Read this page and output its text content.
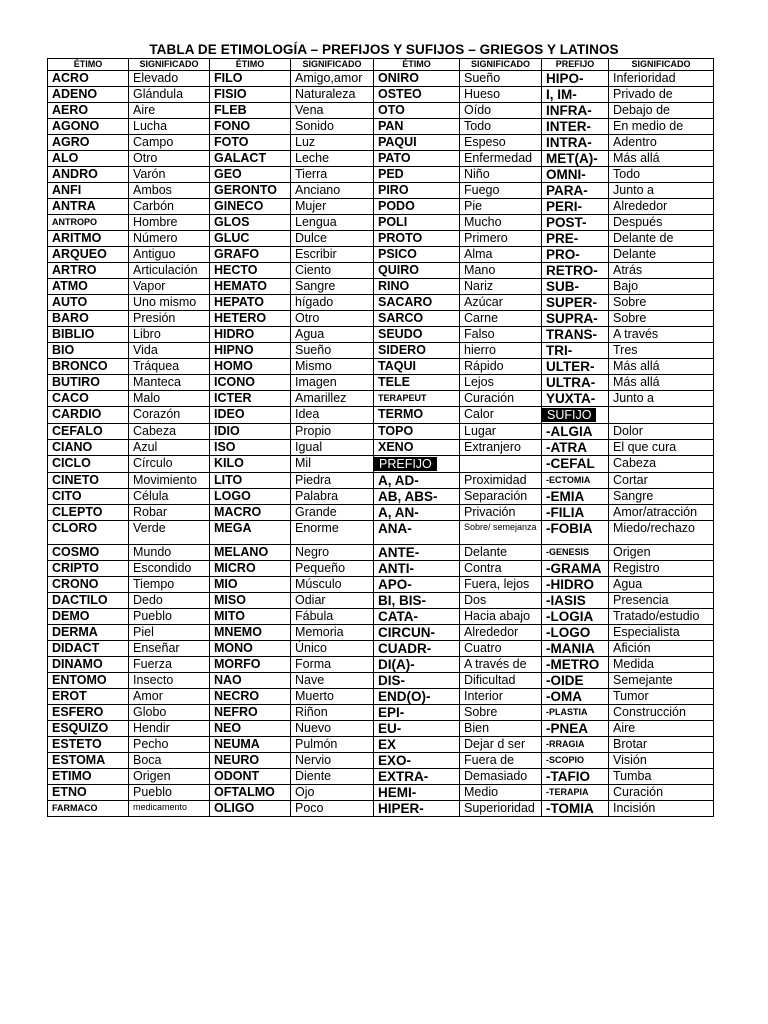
TABLA DE ETIMOLOGÍA – PREFIJOS Y SUFIJOS – GRIEGOS Y LATINOS
ÉTIMO	SIGNIFICADO	ÉTIMO	SIGNIFICADO	ÉTIMO	SIGNIFICADO	PREFIJO	SIGNIFICADO
ACRO	Elevado	FILO	Amigo,amor	ONIRO	Sueño	HIPO-	Inferioridad
ADENO	Glándula	FISIO	Naturaleza	OSTEO	Hueso	I, IM-	Privado de
AERO	Aire	FLEB	Vena	OTO	Oído	INFRA-	Debajo de
AGONO	Lucha	FONO	Sonido	PAN	Todo	INTER-	En medio de
AGRO	Campo	FOTO	Luz	PAQUI	Espeso	INTRA-	Adentro
ALO	Otro	GALACT	Leche	PATO	Enfermedad	MET(A)-	Más allá
ANDRO	Varón	GEO	Tierra	PED	Niño	OMNI-	Todo
ANFI	Ambos	GERONTO	Anciano	PIRO	Fuego	PARA-	Junto a
ANTRA	Carbón	GINECO	Mujer	PODO	Pie	PERI-	Alrededor
ANTROPO	Hombre	GLOS	Lengua	POLI	Mucho	POST-	Después
ARITMO	Número	GLUC	Dulce	PROTO	Primero	PRE-	Delante de
ARQUEO	Antiguo	GRAFO	Escribir	PSICO	Alma	PRO-	Delante
ARTRO	Articulación	HECTO	Ciento	QUIRO	Mano	RETRO-	Atrás
ATMO	Vapor	HEMATO	Sangre	RINO	Nariz	SUB-	Bajo
AUTO	Uno mismo	HEPATO	hígado	SACARO	Azúcar	SUPER-	Sobre
BARO	Presión	HETERO	Otro	SARCO	Carne	SUPRA-	Sobre
BIBLIO	Libro	HIDRO	Agua	SEUDO	Falso	TRANS-	A través
BIO	Vida	HIPNO	Sueño	SIDERO	hierro	TRI-	Tres
BRONCO	Tráquea	HOMO	Mismo	TAQUI	Rápido	ULTER-	Más allá
BUTIRO	Manteca	ICONO	Imagen	TELE	Lejos	ULTRA-	Más allá
CACO	Malo	ICTER	Amarillez	TERAPEUT	Curación	YUXTA-	Junto a
CARDIO	Corazón	IDEO	Idea	TERMO	Calor	SUFIJO	
CEFALO	Cabeza	IDIO	Propio	TOPO	Lugar	-ALGIA	Dolor
CIANO	Azul	ISO	Igual	XENO	Extranjero	-ATRA	El que cura
CICLO	Círculo	KILO	Mil	PREFIJO		-CEFAL	Cabeza
CINETO	Movimiento	LITO	Piedra	A, AD-	Proximidad	-ECTOMIA	Cortar
CITO	Célula	LOGO	Palabra	AB, ABS-	Separación	-EMIA	Sangre
CLEPTO	Robar	MACRO	Grande	A, AN-	Privación	-FILIA	Amor/atracción
CLORO	Verde	MEGA	Enorme	ANA-	Sobre/ semejanza	-FOBIA	Miedo/rechazo
COSMO	Mundo	MELANO	Negro	ANTE-	Delante	-GENESIS	Origen
CRIPTO	Escondido	MICRO	Pequeño	ANTI-	Contra	-GRAMA	Registro
CRONO	Tiempo	MIO	Músculo	APO-	Fuera, lejos	-HIDRO	Agua
DACTILO	Dedo	MISO	Odiar	BI, BIS-	Dos	-IASIS	Presencia
DEMO	Pueblo	MITO	Fábula	CATA-	Hacia abajo	-LOGIA	Tratado/estudio
DERMA	Piel	MNEMO	Memoria	CIRCUN-	Alrededor	-LOGO	Especialista
DIDACT	Enseñar	MONO	Único	CUADR-	Cuatro	-MANIA	Afición
DINAMO	Fuerza	MORFO	Forma	DI(A)-	A través de	-METRO	Medida
ENTOMO	Insecto	NAO	Nave	DIS-	Dificultad	-OIDE	Semejante
EROT	Amor	NECRO	Muerto	END(O)-	Interior	-OMA	Tumor
ESFERO	Globo	NEFRO	Riñon	EPI-	Sobre	-PLASTIA	Construcción
ESQUIZO	Hendir	NEO	Nuevo	EU-	Bien	-PNEA	Aire
ESTETO	Pecho	NEUMA	Pulmón	EX	Dejar d ser	-RRAGIA	Brotar
ESTOMA	Boca	NEURO	Nervio	EXO-	Fuera de	-SCOPIO	Visión
ETIMO	Origen	ODONT	Diente	EXTRA-	Demasiado	-TAFIO	Tumba
ETNO	Pueblo	OFTALMO	Ojo	HEMI-	Medio	-TERAPIA	Curación
FARMACO	medicamento	OLIGO	Poco	HIPER-	Superioridad	-TOMIA	Incisión
